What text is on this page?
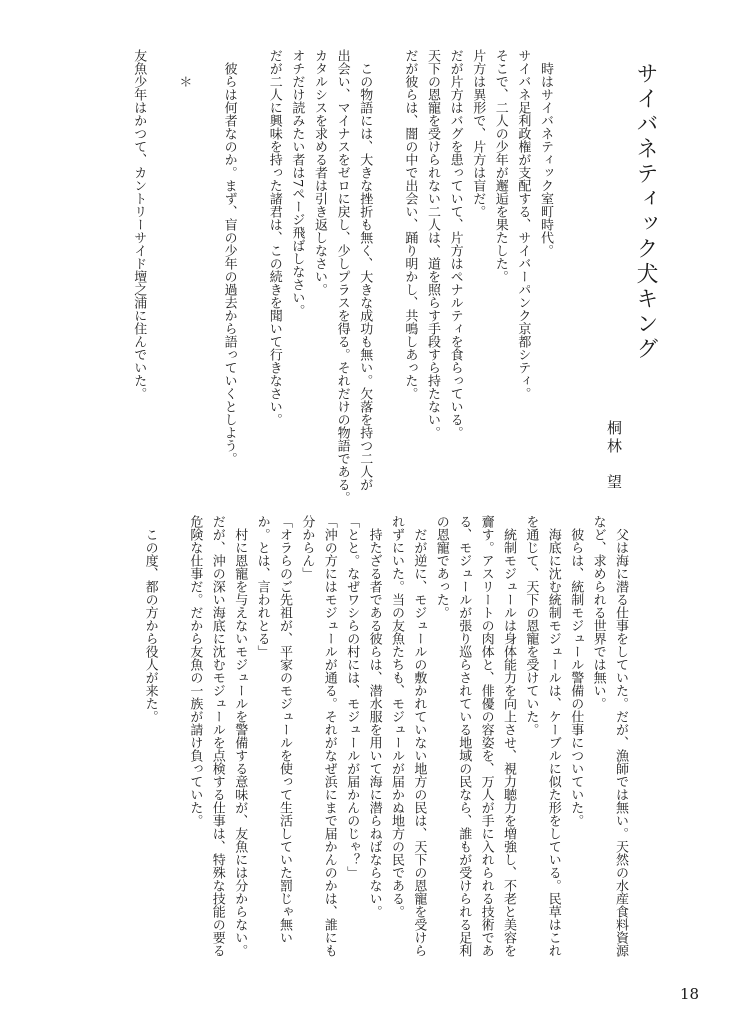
サイバネティック犬キング
桐林　望
　時はサイバネティック室町時代。
サイバネ足利政権が支配する、サイバーパンク京都シティ。
そこで、二人の少年が邂逅を果たした。
片方は異形で、片方は盲だ。
だが片方はバグを患っていて、片方はペナルティを食らっている。
天下の恩寵を受けられない二人は、道を照らす手段すら持たない。
だが彼らは、闇の中で出会い、踊り明かし、共鳴しあった。
　この物語には、大きな挫折も無く、大きな成功も無い。欠落を持つ二人が
出会い、マイナスをゼロに戻し、少しプラスを得る。それだけの物語である。
カタルシスを求める者は引き返しなさい。
オチだけ読みたい者は7ページ飛ばしなさい。
だが二人に興味を持った諸君は、この続きを聞いて行きなさい。
　彼らは何者なのか。まず、盲の少年の過去から語っていくとしよう。
　　＊
友魚少年はかつて、カントリーサイド壇之浦に住んでいた。
　父は海に潜る仕事をしていた。だが、漁師では無い。天然の水産食料資源
など、求められる世界では無い。
　彼らは、統制モジュール警備の仕事についていた。
　海底に沈む統制モジュールは、ケーブルに似た形をしている。民草はこれ
を通じて、天下の恩寵を受けていた。
　統制モジュールは身体能力を向上させ、視力聴力を増強し、不老と美容を
齎す。アスリートの肉体と、俳優の容姿を、万人が手に入れられる技術であ
る、モジュールが張り巡らされている地域の民なら、誰もが受けられる足利
の恩寵であった。
　だが逆に、モジュールの敷かれていない地方の民は、天下の恩寵を受けら
れずにいた。当の友魚たちも、モジュールが届かぬ地方の民である。
　持たざる者である彼らは、潜水服を用いて海に潜らねばならない。
「とと。なぜワシらの村には、モジュールが届かんのじゃ？」
「沖の方にはモジュールが通る。それがなぜ浜にまで届かんのかは、誰にも
分からん」
「オラらのご先祖が、平家のモジュールを使って生活していた罰じゃ無い
か。とは、言われとる」
　村に恩寵を与えないモジュールを警備する意味が、友魚には分からない。
だが、沖の深い海底に沈むモジュールを点検する仕事は、特殊な技能の要る
危険な仕事だ。だから友魚の一族が請け負っていた。
　この度、都の方から役人が来た。
18
